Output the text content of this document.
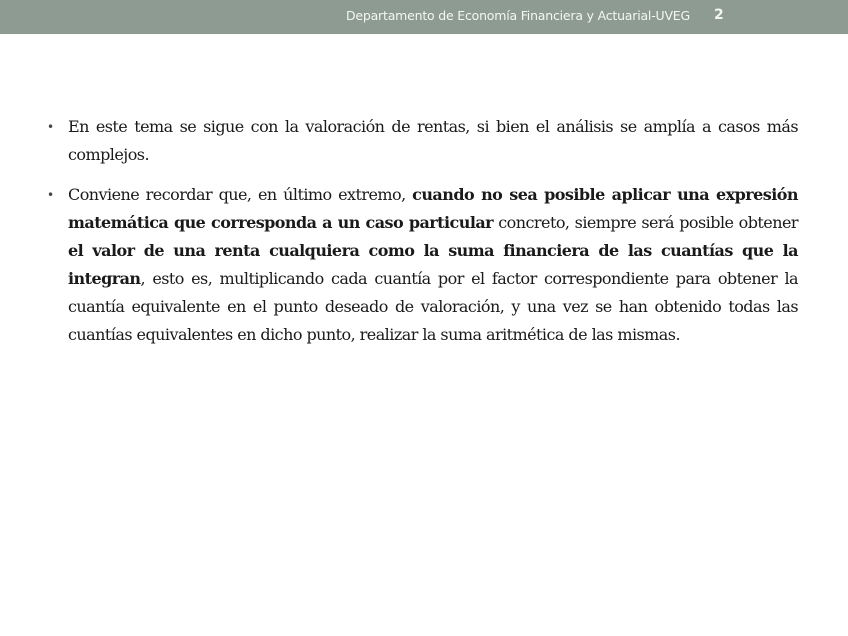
Departamento de Economía Financiera y Actuarial-UVEG 2

• En este tema se sigue con la valoración de rentas, si bien el análisis se amplía a casos más complejos.

• Conviene recordar que, en último extremo, cuando no sea posible aplicar una expresión matemática que corresponda a un caso particular concreto, siempre será posible obtener el valor de una renta cualquiera como la suma financiera de las cuantías que la integran, esto es, multiplicando cada cuantía por el factor correspondiente para obtener la cuantía equivalente en el punto deseado de valoración, y una vez se han obtenido todas las cuantías equivalentes en dicho punto, realizar la suma aritmética de las mismas.
